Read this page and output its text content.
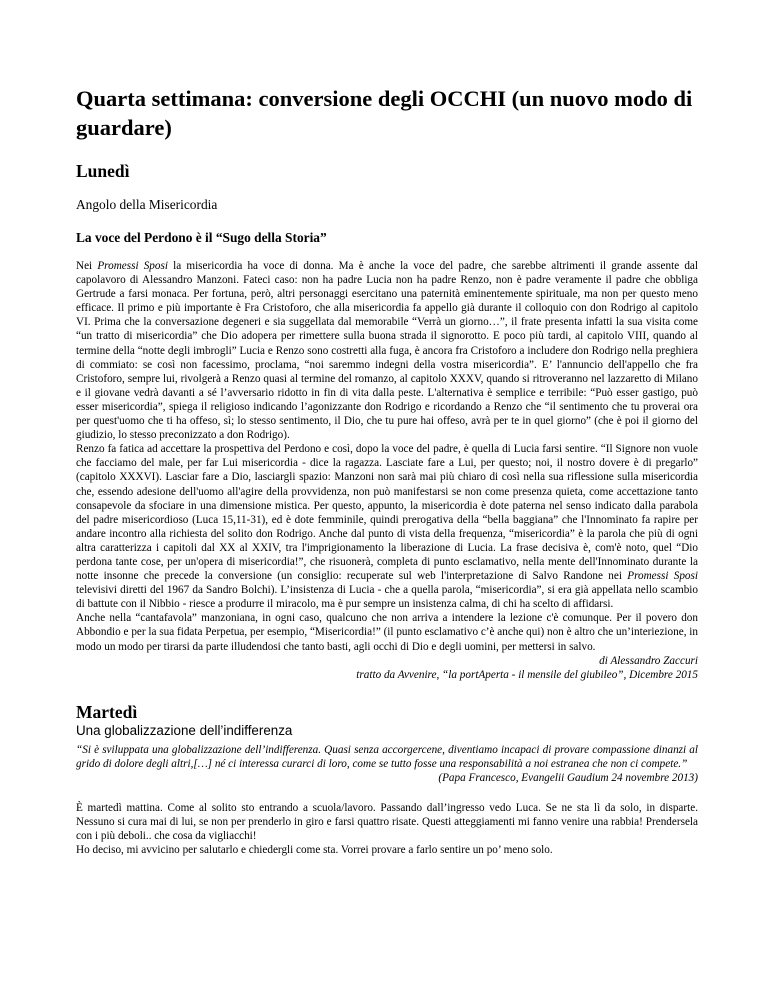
Quarta settimana: conversione degli OCCHI (un nuovo modo di guardare)
Lunedì
Angolo della Misericordia
La voce del Perdono è il “Sugo della Storia”

Nei Promessi Sposi la misericordia ha voce di donna. Ma è anche la voce del padre, che sarebbe altrimenti il grande assente dal capolavoro di Alessandro Manzoni. Fateci caso: non ha padre Lucia non ha padre Renzo, non è padre veramente il padre che obbliga Gertrude a farsi monaca. Per fortuna, però, altri personaggi esercitano una paternità eminentemente spirituale, ma non per questo meno efficace. Il primo e più importante è Fra Cristoforo, che alla misericordia fa appello già durante il colloquio con don Rodrigo al capitolo VI. Prima che la conversazione degeneri e sia suggellata dal memorabile “Verrà un giorno…”, il frate presenta infatti la sua visita come “un tratto di misericordia” che Dio adopera per rimettere sulla buona strada il signorotto. E poco più tardi, al capitolo VIII, quando al termine della “notte degli imbrogli” Lucia e Renzo sono costretti alla fuga, è ancora fra Cristoforo a includere don Rodrigo nella preghiera di commiato: se così non facessimo, proclama, “noi saremmo indegni della vostra misericordia”. E’ l'annuncio dell'appello che fra Cristoforo, sempre lui, rivolgerà a Renzo quasi al termine del romanzo, al capitolo XXXV, quando si ritroveranno nel lazzaretto di Milano e il giovane vedrà davanti a sé l’avversario ridotto in fin di vita dalla peste. L'alternativa è semplice e terribile: “Può esser gastigo, può esser misericordia”, spiega il religioso indicando l’agonizzante don Rodrigo e ricordando a Renzo che “il sentimento che tu proverai ora per quest'uomo che ti ha offeso, sì; lo stesso sentimento, il Dio, che tu pure hai offeso, avrà per te in quel giorno” (che è poi il giorno del giudizio, lo stesso preconizzato a don Rodrigo).

Renzo fa fatica ad accettare la prospettiva del Perdono e così, dopo la voce del padre, è quella di Lucia farsi sentire. “Il Signore non vuole che facciamo del male, per far Lui misericordia - dice la ragazza. Lasciate fare a Lui, per questo; noi, il nostro dovere è di pregarlo” (capitolo XXXVI). Lasciar fare a Dio, lasciargli spazio: Manzoni non sarà mai più chiaro di così nella sua riflessione sulla misericordia che, essendo adesione dell'uomo all'agire della provvidenza, non può manifestarsi se non come presenza quieta, come accettazione tanto consapevole da sfociare in una dimensione mistica. Per questo, appunto, la misericordia è dote paterna nel senso indicato dalla parabola del padre misericordioso (Luca 15,11-31), ed è dote femminile, quindi prerogativa della “bella baggiana” che l'Innominato fa rapire per andare incontro alla richiesta del solito don Rodrigo. Anche dal punto di vista della frequenza, “misericordia” è la parola che più di ogni altra caratterizza i capitoli dal XX al XXIV, tra l'imprigionamento la liberazione di Lucia. La frase decisiva è, com'è noto, quel “Dio perdona tante cose, per un'opera di misericordia!”, che risuonerà, completa di punto esclamativo, nella mente dell'Innominato durante la notte insonne che precede la conversione (un consiglio: recuperate sul web l'interpretazione di Salvo Randone nei Promessi Sposi televisivi diretti del 1967 da Sandro Bolchi). L’insistenza di Lucia - che a quella parola, “misericordia”, si era già appellata nello scambio di battute con il Nibbio - riesce a produrre il miracolo, ma è pur sempre un insistenza calma, di chi ha scelto di affidarsi.

Anche nella “cantafavola” manzoniana, in ogni caso, qualcuno che non arriva a intendere la lezione c'è comunque. Per il povero don Abbondio e per la sua fidata Perpetua, per esempio, “Misericordia!” (il punto esclamativo c’è anche qui) non è altro che un’interiezione, in modo un modo per tirarsi da parte illudendosi che tanto basti, agli occhi di Dio e degli uomini, per mettersi in salvo.

di Alessandro Zaccuri
tratto da Avvenire, “la portAperta - il mensile del giubileo”, Dicembre 2015
Martedì
Una globalizzazione dell’indifferenza

“Si è sviluppata una globalizzazione dell’indifferenza. Quasi senza accorgercene, diventiamo incapaci di provare compassione dinanzi al grido di dolore degli altri,[…] né ci interessa curarci di loro, come se tutto fosse una responsabilità a noi estranea che non ci compete.”

(Papa Francesco, Evangelii Gaudium 24 novembre 2013)

È martedì mattina. Come al solito sto entrando a scuola/lavoro. Passando dall’ingresso vedo Luca. Se ne sta lì da solo, in disparte. Nessuno si cura mai di lui, se non per prenderlo in giro e farsi quattro risate. Questi atteggiamenti mi fanno venire una rabbia! Prendersela con i più deboli.. che cosa da vigliacchi!

Ho deciso, mi avvicino per salutarlo e chiedergli come sta. Vorrei provare a farlo sentire un po’ meno solo.
